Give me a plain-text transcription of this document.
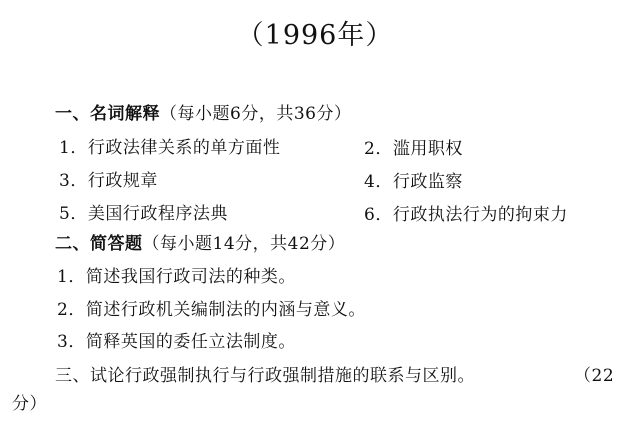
（1996年）
一、名词解释（每小题6分，共36分）
1．行政法律关系的单方面性	2．滥用职权
3．行政规章	4．行政监察
5．美国行政程序法典	6．行政执法行为的拘束力
二、简答题（每小题14分，共42分）
1．简述我国行政司法的种类。
2．简述行政机关编制法的内涵与意义。
3．简释英国的委任立法制度。
三、试论行政强制执行与行政强制措施的联系与区别。	（22
分）
